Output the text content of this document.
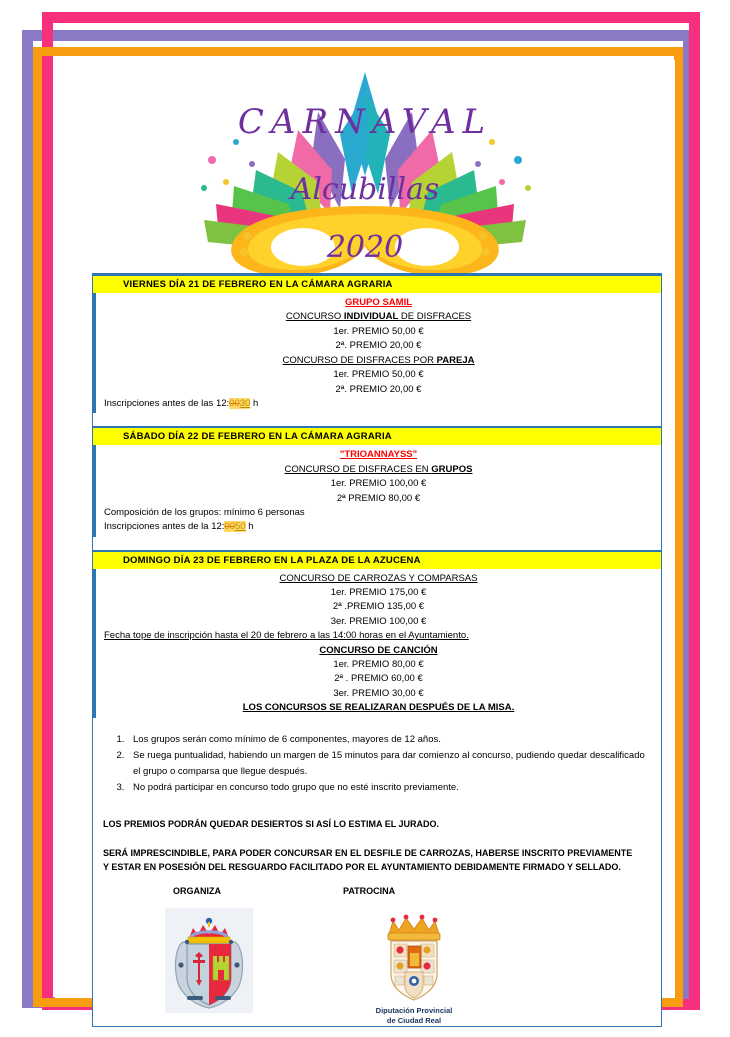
CARNAVAL
Alcubillas
2020
VIERNES DÍA 21 DE FEBRERO EN LA CÁMARA AGRARIA
GRUPO SAMIL
CONCURSO INDIVIDUAL DE DISFRACES
1er. PREMIO 50,00 €
2ª. PREMIO 20,00 €
CONCURSO DE DISFRACES POR PAREJA
1er. PREMIO 50,00 €
2ª. PREMIO 20,00 €
Inscripciones antes de las 12:0030 h
SÁBADO DÍA 22 DE FEBRERO EN LA CÁMARA AGRARIA
"TRIOANNAYSS"
CONCURSO DE DISFRACES EN GRUPOS
1er. PREMIO 100,00 €
2ª PREMIO 80,00 €
Composición de los grupos: mínimo 6 personas
Inscripciones antes de la 12:0050 h
DOMINGO DÍA 23 DE FEBRERO EN LA PLAZA DE LA AZUCENA
CONCURSO DE CARROZAS Y COMPARSAS
1er. PREMIO 175,00 €
2ª .PREMIO 135,00 €
3er. PREMIO 100,00 €
Fecha tope de inscripción hasta el 20 de febrero a las 14:00 horas en el Ayuntamiento.
CONCURSO DE CANCIÓN
1er. PREMIO 80,00 €
2ª . PREMIO 60,00 €
3er. PREMIO 30,00 €
LOS CONCURSOS SE REALIZARAN DESPUÉS DE LA MISA.
1. Los grupos serán como mínimo de 6 componentes, mayores de 12 años.
2. Se ruega puntualidad, habiendo un margen de 15 minutos para dar comienzo al concurso, pudiendo quedar descalificado el grupo o comparsa que llegue después.
3. No podrá participar en concurso todo grupo que no esté inscrito previamente.
LOS PREMIOS PODRÁN QUEDAR DESIERTOS SI ASÍ LO ESTIMA EL JURADO.
SERÁ IMPRESCINDIBLE, PARA PODER CONCURSAR EN EL DESFILE DE CARROZAS, HABERSE INSCRITO PREVIAMENTE
Y ESTAR EN POSESIÓN DEL RESGUARDO FACILITADO POR EL AYUNTAMIENTO DEBIDAMENTE FIRMADO Y SELLADO.
ORGANIZA	PATROCINA
Diputación Provincial
de Ciudad Real
